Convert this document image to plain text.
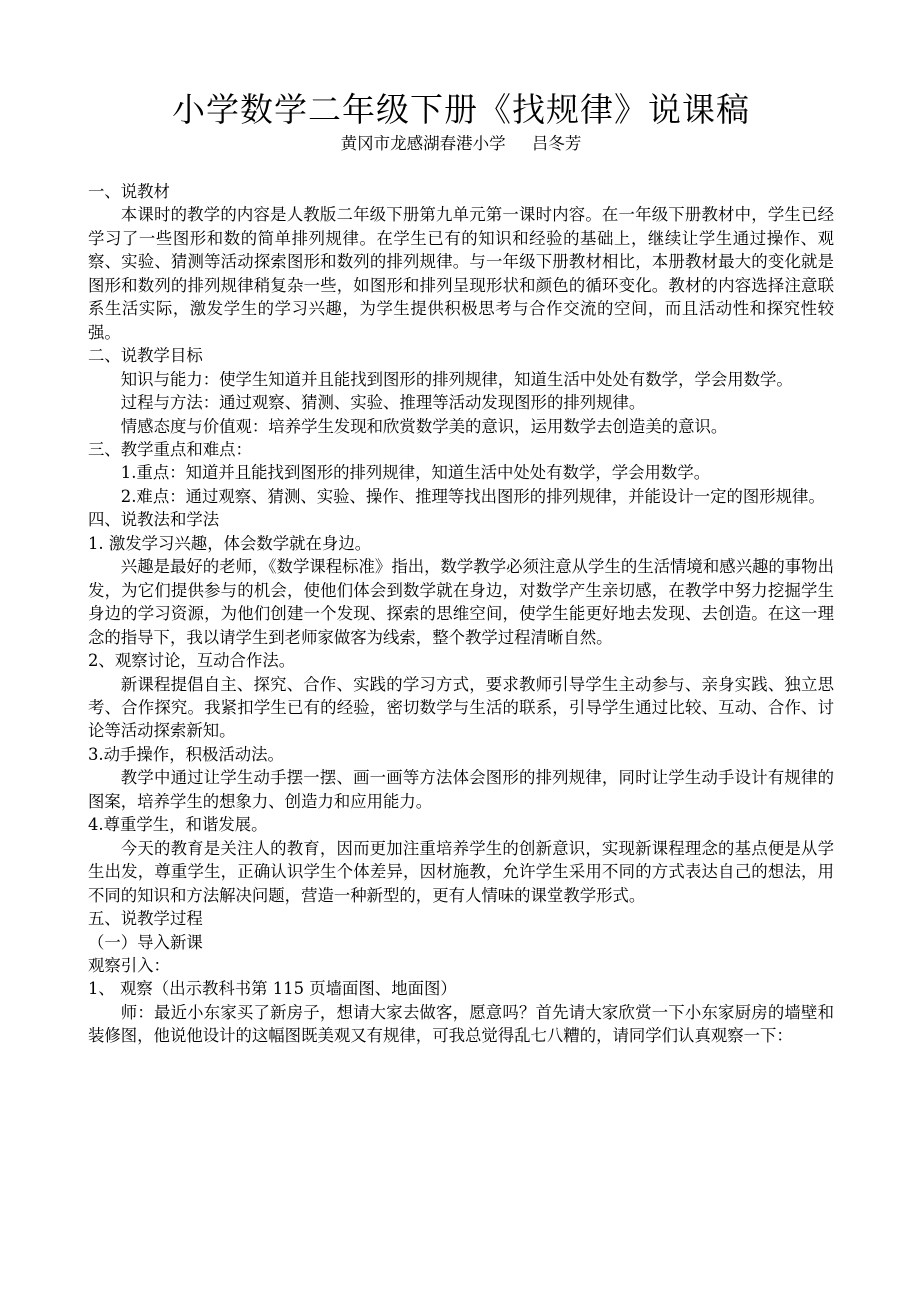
小学数学二年级下册《找规律》说课稿
黄冈市龙感湖春港小学     吕冬芳

一、说教材

本课时的教学的内容是人教版二年级下册第九单元第一课时内容。在一年级下册教材中，学生已经学习了一些图形和数的简单排列规律。在学生已有的知识和经验的基础上，继续让学生通过操作、观察、实验、猜测等活动探索图形和数列的排列规律。与一年级下册教材相比，本册教材最大的变化就是图形和数列的排列规律稍复杂一些，如图形和排列呈现形状和颜色的循环变化。教材的内容选择注意联系生活实际，激发学生的学习兴趣，为学生提供积极思考与合作交流的空间，而且活动性和探究性较强。

二、说教学目标

知识与能力：使学生知道并且能找到图形的排列规律，知道生活中处处有数学，学会用数学。

过程与方法：通过观察、猜测、实验、推理等活动发现图形的排列规律。

情感态度与价值观：培养学生发现和欣赏数学美的意识，运用数学去创造美的意识。

三、教学重点和难点：

1.重点：知道并且能找到图形的排列规律，知道生活中处处有数学，学会用数学。

2.难点：通过观察、猜测、实验、操作、推理等找出图形的排列规律，并能设计一定的图形规律。

四、说教法和学法

1. 激发学习兴趣，体会数学就在身边。

兴趣是最好的老师，《数学课程标准》指出，数学教学必须注意从学生的生活情境和感兴趣的事物出发，为它们提供参与的机会，使他们体会到数学就在身边，对数学产生亲切感，在教学中努力挖掘学生身边的学习资源，为他们创建一个发现、探索的思维空间，使学生能更好地去发现、去创造。在这一理念的指导下，我以请学生到老师家做客为线索，整个教学过程清晰自然。

2、观察讨论，互动合作法。

新课程提倡自主、探究、合作、实践的学习方式，要求教师引导学生主动参与、亲身实践、独立思考、合作探究。我紧扣学生已有的经验，密切数学与生活的联系，引导学生通过比较、互动、合作、讨论等活动探索新知。

3.动手操作，积极活动法。

教学中通过让学生动手摆一摆、画一画等方法体会图形的排列规律，同时让学生动手设计有规律的图案，培养学生的想象力、创造力和应用能力。

4.尊重学生，和谐发展。

今天的教育是关注人的教育，因而更加注重培养学生的创新意识，实现新课程理念的基点便是从学生出发，尊重学生，正确认识学生个体差异，因材施教，允许学生采用不同的方式表达自己的想法，用不同的知识和方法解决问题，营造一种新型的，更有人情味的课堂教学形式。

五、说教学过程

（一）导入新课

观察引入：

1、 观察（出示教科书第 115 页墙面图、地面图）

师：最近小东家买了新房子，想请大家去做客，愿意吗？首先请大家欣赏一下小东家厨房的墙壁和装修图，他说他设计的这幅图既美观又有规律，可我总觉得乱七八糟的，请同学们认真观察一下：
